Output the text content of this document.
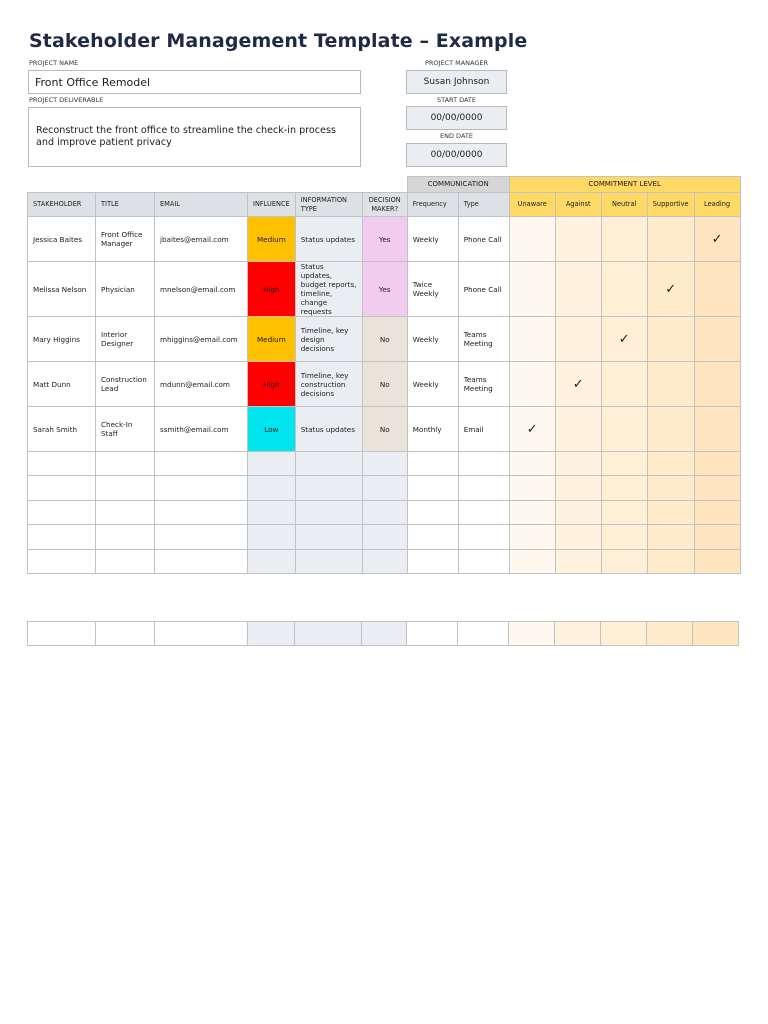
Stakeholder Management Template – Example
PROJECT NAME
Front Office Remodel
PROJECT DELIVERABLE
Reconstruct the front office to streamline the check-in process and improve patient privacy
PROJECT MANAGER
Susan Johnson
START DATE
00/00/0000
END DATE
00/00/0000
						COMMUNICATION		COMMITMENT LEVEL				
STAKEHOLDER	TITLE	EMAIL	INFLUENCE	INFORMATION TYPE	DECISION MAKER?	Frequency	Type	Unaware	Against	Neutral	Supportive	Leading
Jessica Baites	Front Office Manager	jbaites@email.com	Medium	Status updates	Yes	Weekly	Phone Call					✓
Melissa Nelson	Physician	mnelson@email.com	High	Status updates, budget reports, timeline, change requests	Yes	Twice Weekly	Phone Call				✓	
Mary Higgins	Interior Designer	mhiggins@email.com	Medium	Timeline, key design decisions	No	Weekly	Teams Meeting			✓		
Matt Dunn	Construction Lead	mdunn@email.com	High	Timeline, key construction decisions	No	Weekly	Teams Meeting		✓			
Sarah Smith	Check-In Staff	ssmith@email.com	Low	Status updates	No	Monthly	Email	✓				
